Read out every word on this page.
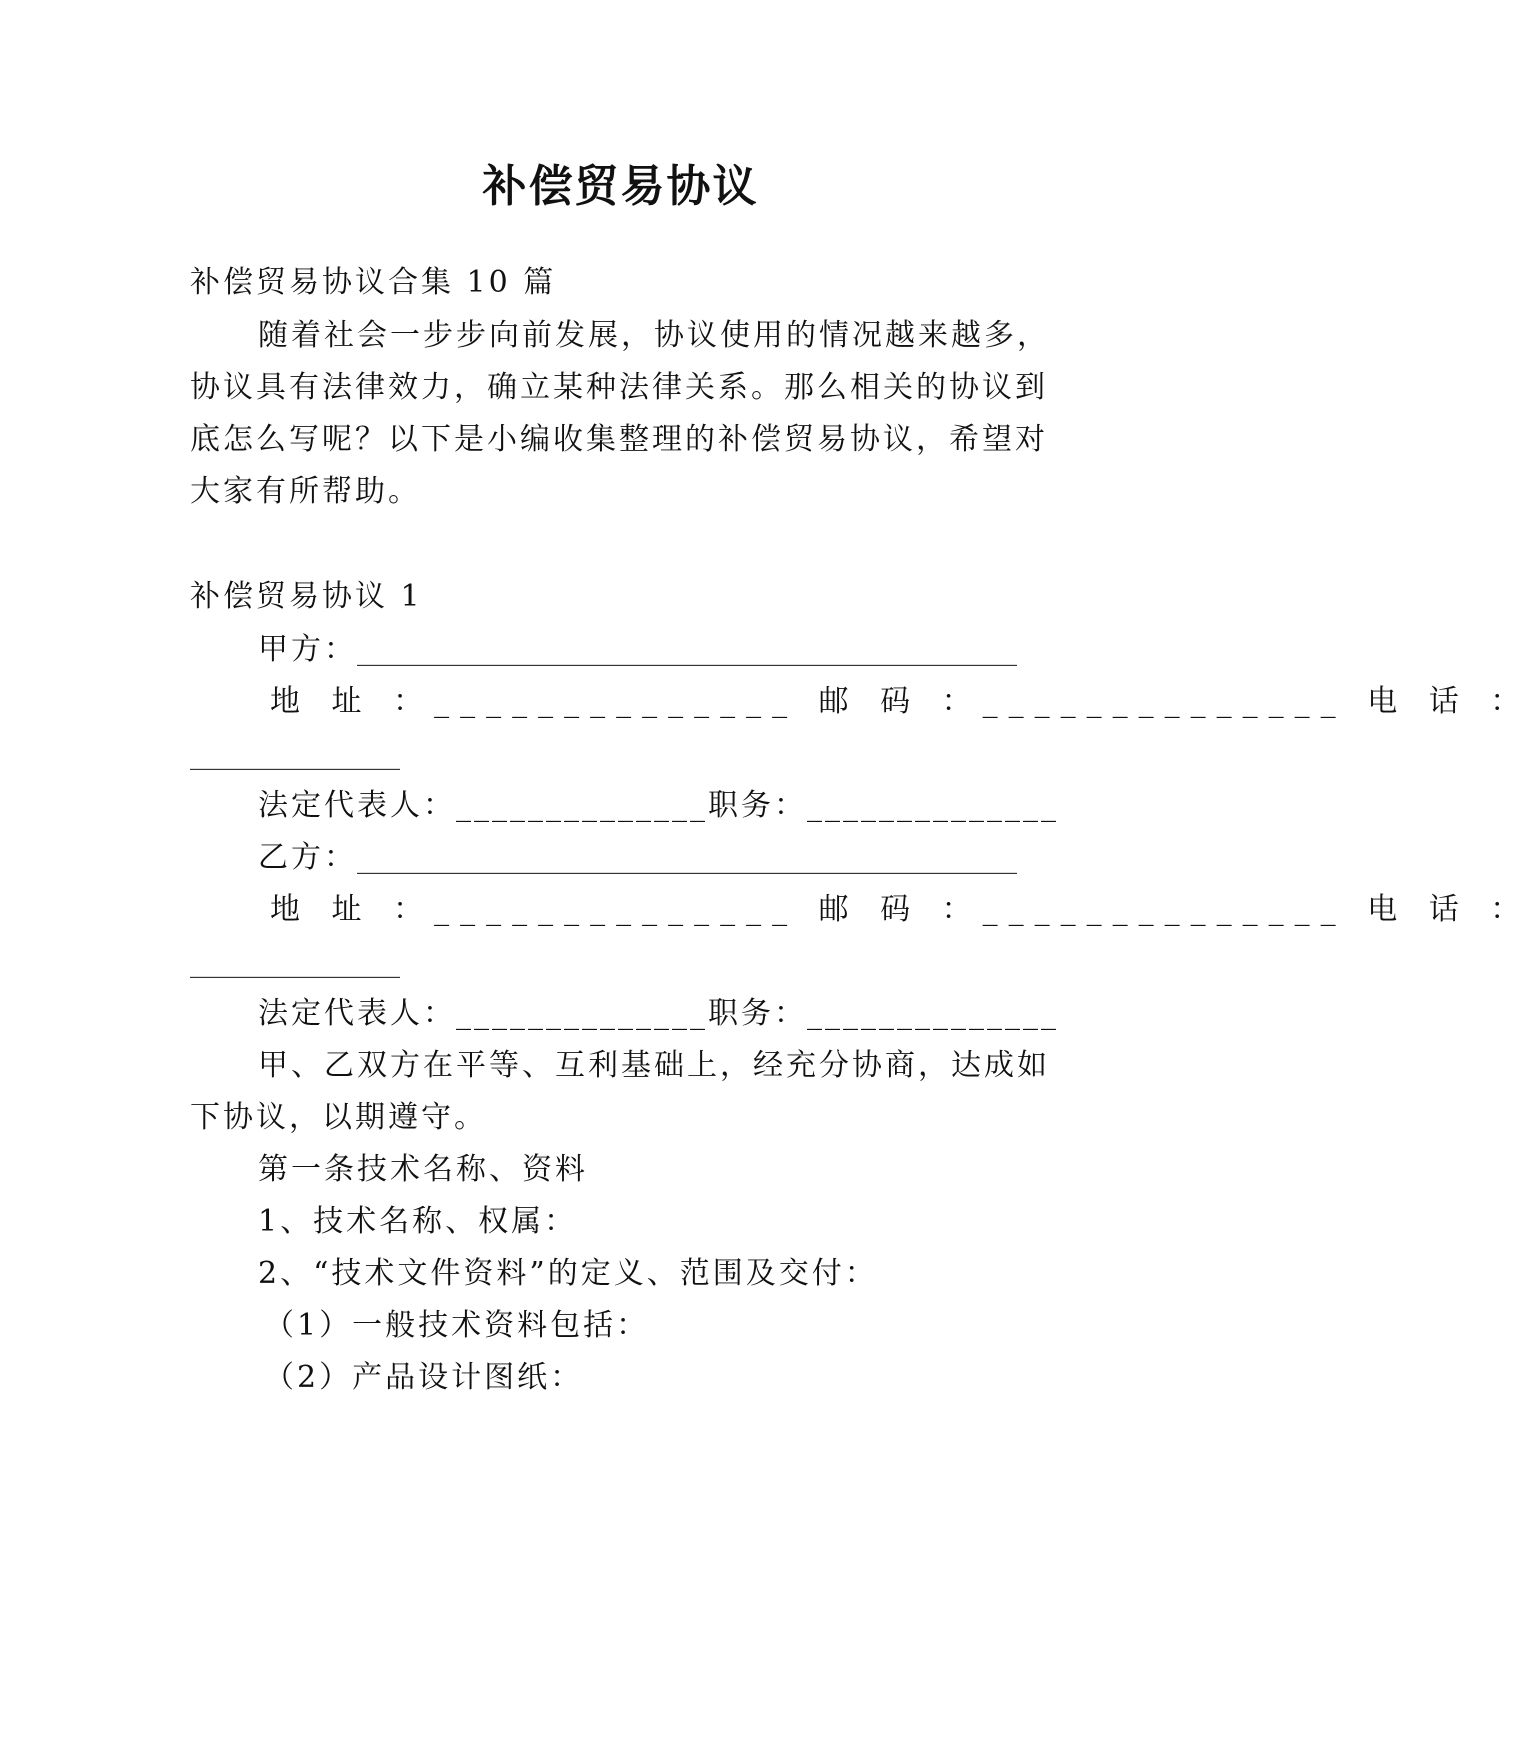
补偿贸易协议
补偿贸易协议合集 10 篇
随着社会一步步向前发展，协议使用的情况越来越多，
协议具有法律效力，确立某种法律关系。那么相关的协议到
底怎么写呢？以下是小编收集整理的补偿贸易协议，希望对
大家有所帮助。
补偿贸易协议 1
甲方：____________________________________________
地 址 ：______________ 邮 码 ：______________ 电 话 ：
______________
法定代表人：______________职务：______________
乙方：____________________________________________
地 址 ：______________ 邮 码 ：______________ 电 话 ：
______________
法定代表人：______________职务：______________
甲、乙双方在平等、互利基础上，经充分协商，达成如
下协议，以期遵守。
第一条技术名称、资料
1、技术名称、权属：
2、“技术文件资料”的定义、范围及交付：
（1）一般技术资料包括：
（2）产品设计图纸：
